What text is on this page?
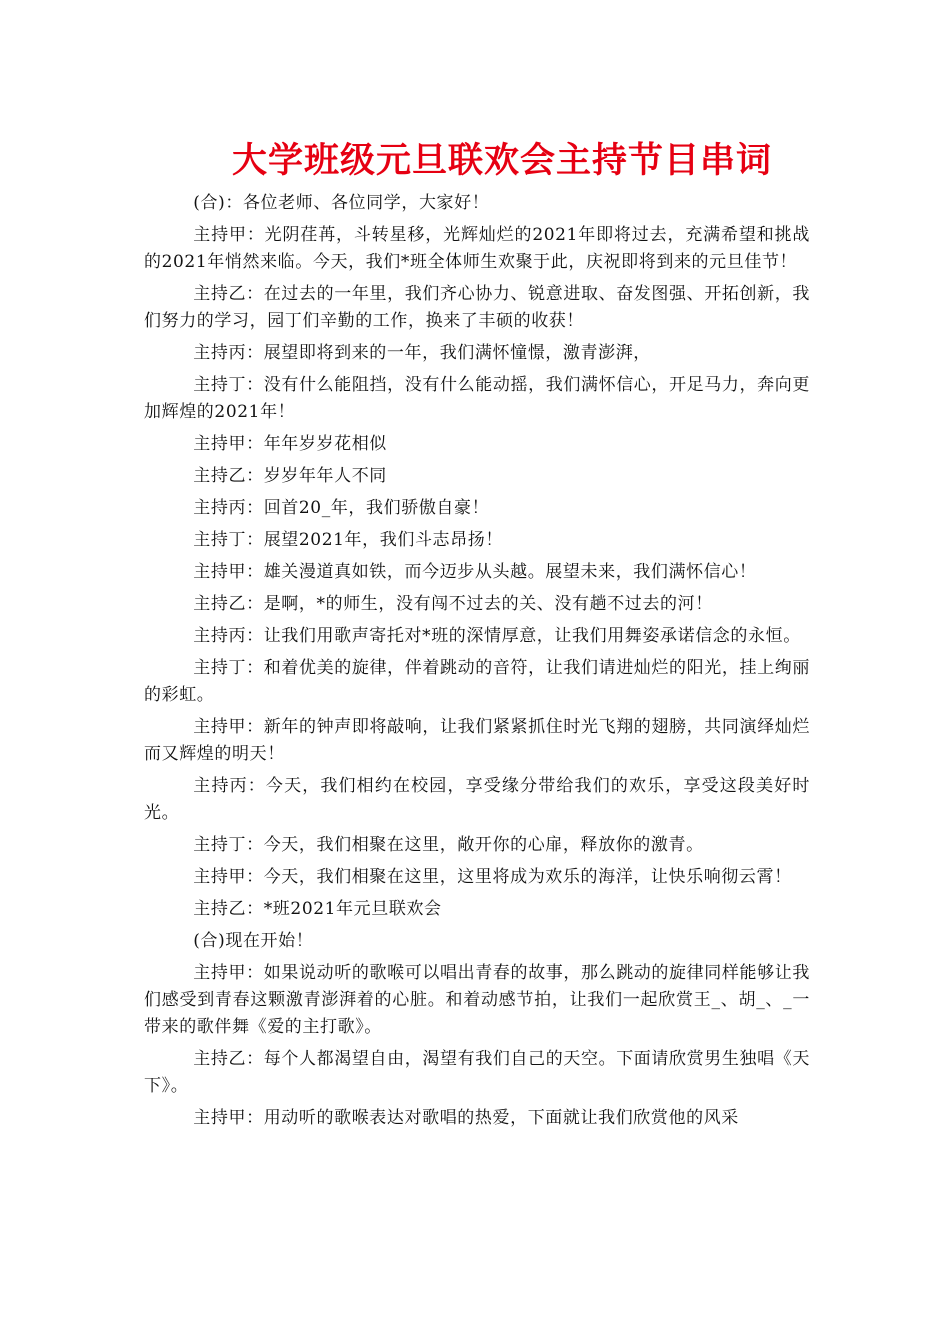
大学班级元旦联欢会主持节目串词

(合)：各位老师、各位同学，大家好！

主持甲：光阴荏苒，斗转星移，光辉灿烂的2021年即将过去，充满希望和挑战的2021年悄然来临。今天，我们*班全体师生欢聚于此，庆祝即将到来的元旦佳节！

主持乙：在过去的一年里，我们齐心协力、锐意进取、奋发图强、开拓创新，我们努力的学习，园丁们辛勤的工作，换来了丰硕的收获！

主持丙：展望即将到来的一年，我们满怀憧憬，激青澎湃，

主持丁：没有什么能阻挡，没有什么能动摇，我们满怀信心，开足马力，奔向更加辉煌的2021年！

主持甲：年年岁岁花相似

主持乙：岁岁年年人不同

主持丙：回首20_年，我们骄傲自豪！

主持丁：展望2021年，我们斗志昂扬！

主持甲：雄关漫道真如铁，而今迈步从头越。展望未来，我们满怀信心！

主持乙：是啊，*的师生，没有闯不过去的关、没有趟不过去的河！

主持丙：让我们用歌声寄托对*班的深情厚意，让我们用舞姿承诺信念的永恒。

主持丁：和着优美的旋律，伴着跳动的音符，让我们请进灿烂的阳光，挂上绚丽的彩虹。

主持甲：新年的钟声即将敲响，让我们紧紧抓住时光飞翔的翅膀，共同演绎灿烂而又辉煌的明天！

主持丙：今天，我们相约在校园，享受缘分带给我们的欢乐，享受这段美好时光。

主持丁：今天，我们相聚在这里，敞开你的心扉，释放你的激青。

主持甲：今天，我们相聚在这里，这里将成为欢乐的海洋，让快乐响彻云霄！

主持乙：*班2021年元旦联欢会

(合)现在开始！

主持甲：如果说动听的歌喉可以唱出青春的故事，那么跳动的旋律同样能够让我们感受到青春这颗激青澎湃着的心脏。和着动感节拍，让我们一起欣赏王_、胡_、_一带来的歌伴舞《爱的主打歌》。

主持乙：每个人都渴望自由，渴望有我们自己的天空。下面请欣赏男生独唱《天下》。

主持甲：用动听的歌喉表达对歌唱的热爱，下面就让我们欣赏他的风采
